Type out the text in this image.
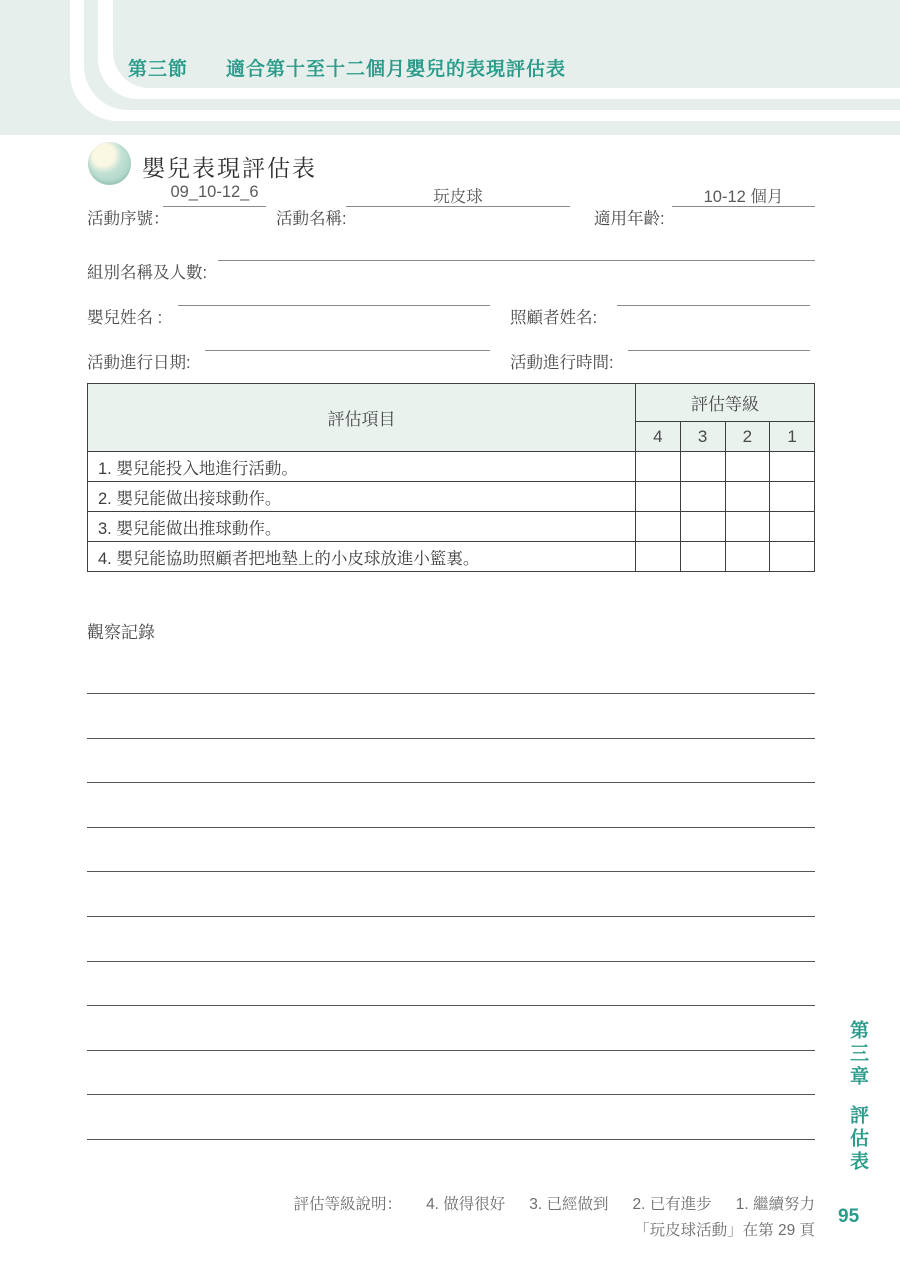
第三節 適合第十至十二個月嬰兒的表現評估表
嬰兒表現評估表
活動序號：
09_10-12_6
活動名稱:
玩皮球
適用年齡:
10-12 個月
組別名稱及人數:
嬰兒姓名 :	照顧者姓名:
活動進行日期:	活動進行時間:
評估項目	評估等級			
	4	3	2	1
1. 嬰兒能投入地進行活動。				
2. 嬰兒能做出接球動作。				
3. 嬰兒能做出推球動作。				
4. 嬰兒能協助照顧者把地墊上的小皮球放進小籃裏。				
觀察記錄
評估等級說明： 4. 做得很好 3. 已經做到 2. 已有進步 1. 繼續努力
「玩皮球活動」在第 29 頁
第三章評估表
95
